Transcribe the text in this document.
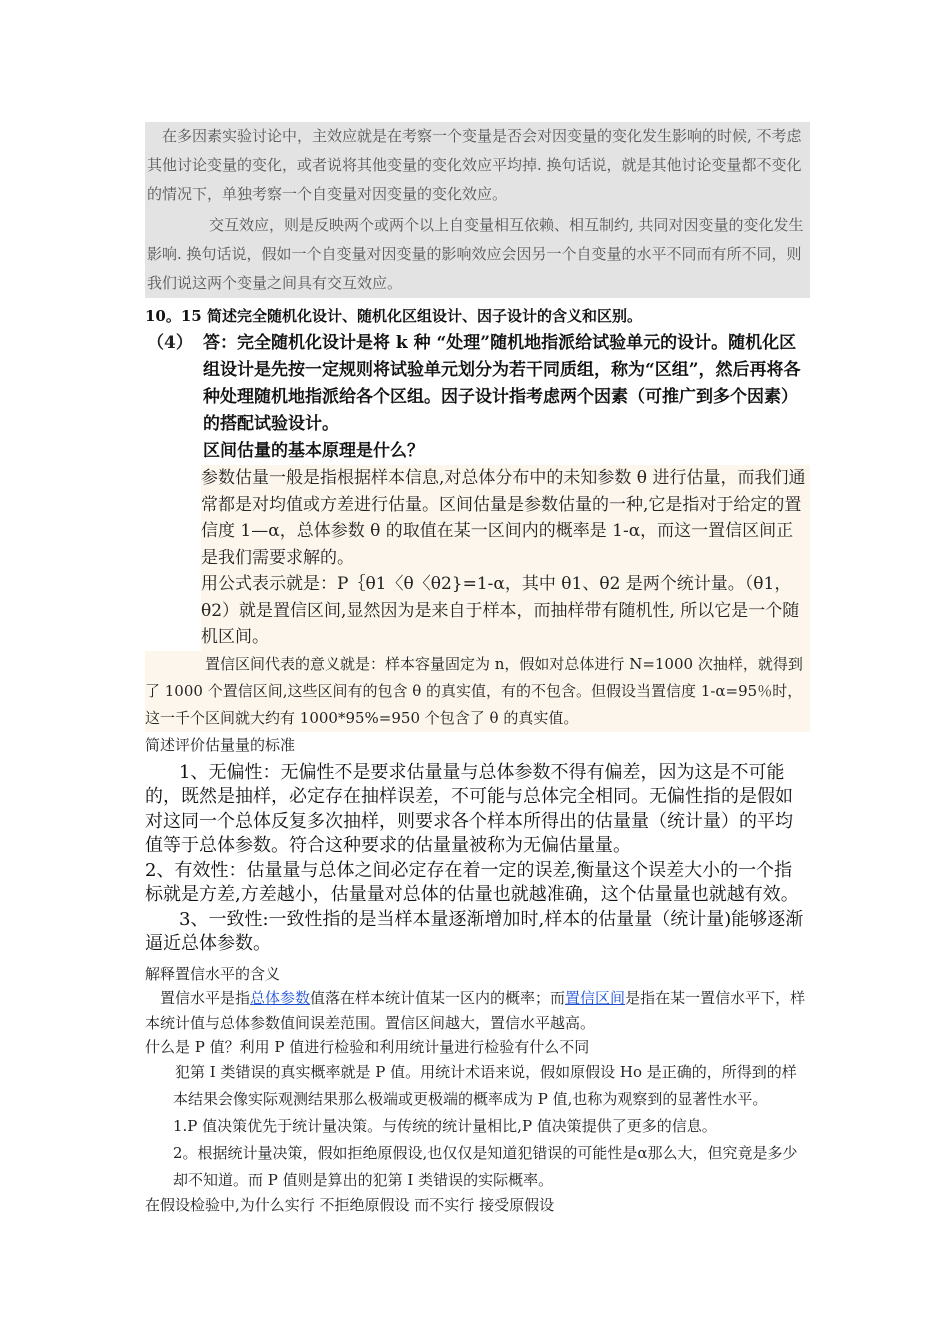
在多因素实验讨论中，主效应就是在考察一个变量是否会对因变量的变化发生影响的时候, 不考虑其他讨论变量的变化，或者说将其他变量的变化效应平均掉. 换句话说，就是其他讨论变量都不变化的情况下，单独考察一个自变量对因变量的变化效应。

交互效应，则是反映两个或两个以上自变量相互依赖、相互制约, 共同对因变量的变化发生影响. 换句话说，假如一个自变量对因变量的影响效应会因另一个自变量的水平不同而有所不同，则我们说这两个变量之间具有交互效应。

10。15 简述完全随机化设计、随机化区组设计、因子设计的含义和区别。
（4） 答：完全随机化设计是将 k 种 “处理”随机地指派给试验单元的设计。随机化区组设计是先按一定规则将试验单元划分为若干同质组，称为“区组”，然后再将各种处理随机地指派给各个区组。因子设计指考虑两个因素（可推广到多个因素）的搭配试验设计。
区间估量的基本原理是什么？

参数估量一般是指根据样本信息,对总体分布中的未知参数 θ 进行估量，而我们通常都是对均值或方差进行估量。区间估量是参数估量的一种,它是指对于给定的置信度 1—α，总体参数 θ 的取值在某一区间内的概率是 1-α，而这一置信区间正是我们需要求解的。

用公式表示就是：P｛θ1〈θ〈θ2}=1-α，其中 θ1、θ2 是两个统计量。（θ1，θ2）就是置信区间,显然因为是来自于样本，而抽样带有随机性, 所以它是一个随机区间。

置信区间代表的意义就是：样本容量固定为 n，假如对总体进行 N=1000 次抽样，就得到了 1000 个置信区间,这些区间有的包含 θ 的真实值，有的不包含。但假设当置信度 1-α=95％时，这一千个区间就大约有 1000*95%=950 个包含了 θ 的真实值。

简述评价估量量的标准

1、无偏性：无偏性不是要求估量量与总体参数不得有偏差，因为这是不可能的，既然是抽样，必定存在抽样误差，不可能与总体完全相同。无偏性指的是假如对这同一个总体反复多次抽样，则要求各个样本所得出的估量量（统计量）的平均值等于总体参数。符合这种要求的估量量被称为无偏估量量。

2、有效性：估量量与总体之间必定存在着一定的误差,衡量这个误差大小的一个指标就是方差,方差越小，估量量对总体的估量也就越准确，这个估量量也就越有效。

3、一致性:一致性指的是当样本量逐渐增加时,样本的估量量（统计量)能够逐渐逼近总体参数。

解释置信水平的含义

置信水平是指总体参数值落在样本统计值某一区内的概率；而置信区间是指在某一置信水平下，样本统计值与总体参数值间误差范围。置信区间越大，置信水平越高。

什么是 P 值？利用 P 值进行检验和利用统计量进行检验有什么不同

犯第 I 类错误的真实概率就是 P 值。用统计术语来说，假如原假设 Ho 是正确的，所得到的样本结果会像实际观测结果那么极端或更极端的概率成为 P 值,也称为观察到的显著性水平。

1.P 值决策优先于统计量决策。与传统的统计量相比,P 值决策提供了更多的信息。

2。根据统计量决策，假如拒绝原假设,也仅仅是知道犯错误的可能性是α那么大，但究竟是多少却不知道。而 P 值则是算出的犯第 I 类错误的实际概率。

在假设检验中,为什么实行 不拒绝原假设 而不实行 接受原假设
